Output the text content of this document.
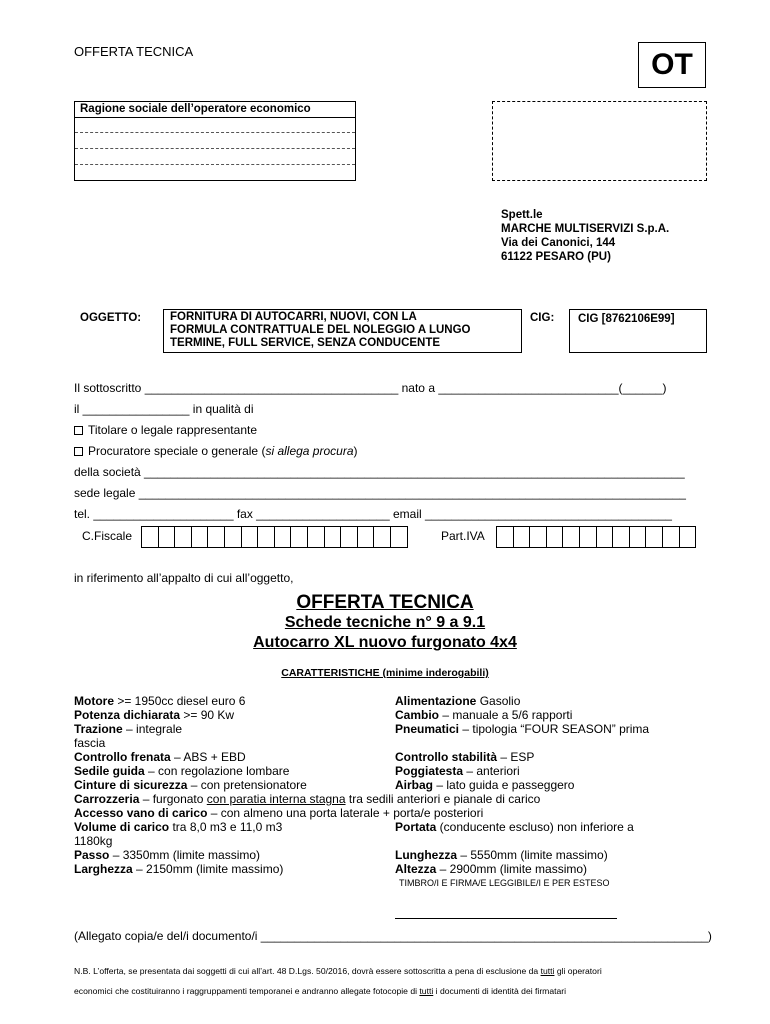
OFFERTA TECNICA	OT
Ragione sociale dell’operatore economico
Spett.le
MARCHE MULTISERVIZI S.p.A.
Via dei Canonici, 144
61122 PESARO (PU)
OGGETTO:	FORNITURA DI AUTOCARRI, NUOVI, CON LA
FORMULA CONTRATTUALE DEL NOLEGGIO A LUNGO
TERMINE, FULL SERVICE, SENZA CONDUCENTE
CIG: CIG [8762106E99]
Il sottoscritto ______________________________________ nato a ___________________________(______)
il ________________ in qualità di
Titolare o legale rappresentante
Procuratore speciale o generale (si allega procura)
della società _________________________________________________________________________________
sede legale __________________________________________________________________________________
tel. _____________________ fax ____________________ email _____________________________________
C.Fiscale	Part.IVA
in riferimento all’appalto di cui all’oggetto,
OFFERTA TECNICA
Schede tecniche n° 9 a 9.1
Autocarro XL nuovo furgonato 4x4
CARATTERISTICHE (minime inderogabili)
Motore >= 1950cc diesel euro 6	Alimentazione Gasolio
Potenza dichiarata >= 90 Kw	Cambio – manuale a 5/6 rapporti
Trazione – integrale	Pneumatici – tipologia “FOUR SEASON” prima
fascia
Controllo frenata – ABS + EBD	Controllo stabilità – ESP
Sedile guida – con regolazione lombare	Poggiatesta – anteriori
Cinture di sicurezza – con pretensionatore	Airbag – lato guida e passeggero
Carrozzeria – furgonato con paratia interna stagna tra sedili anteriori e pianale di carico
Accesso vano di carico – con almeno una porta laterale + porta/e posteriori
Volume di carico tra 8,0 m3 e 11,0 m3	Portata (conducente escluso) non inferiore a
1180kg
Passo – 3350mm (limite massimo)	Lunghezza – 5550mm (limite massimo)
Larghezza – 2150mm (limite massimo)	Altezza – 2900mm (limite massimo)
TIMBRO/I E FIRMA/E LEGGIBILE/I E PER ESTESO
(Allegato copia/e del/i documento/i ___________________________________________________________________)
N.B. L’offerta, se presentata dai soggetti di cui all’art. 48 D.Lgs. 50/2016, dovrà essere sottoscritta a pena di esclusione da tutti gli operatori
economici che costituiranno i raggruppamenti temporanei e andranno allegate fotocopie di tutti i documenti di identità dei firmatari
